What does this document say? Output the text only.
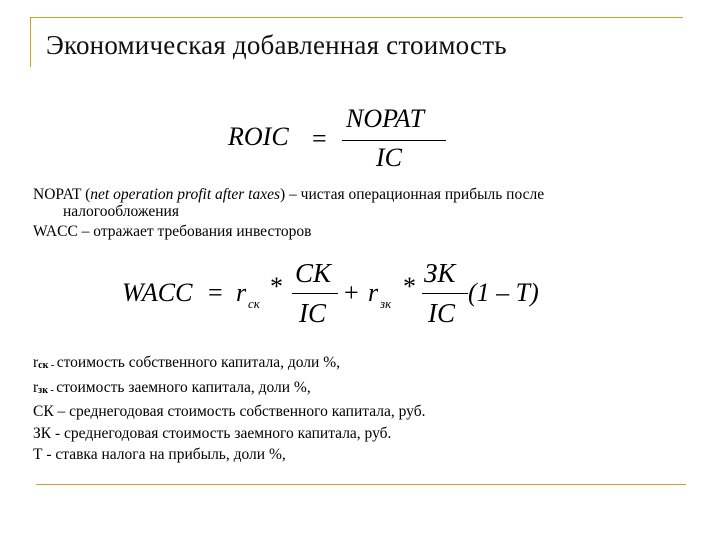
Экономическая добавленная стоимость
ROIC =
NOPAT
IC

NOPAT (net operation profit after taxes) – чистая операционная прибыль после

налогообложения

WACC – отражает требования инвесторов

WACC = r ск
* СК
IC
+ r зк
* ЗК
IC
(1 – T)

rск - стоимость собственного капитала, доли %,

rзк - стоимость заемного капитала, доли %,

СК – среднегодовая стоимость собственного капитала, руб.

ЗК - среднегодовая стоимость заемного капитала, руб.

Т - ставка налога на прибыль, доли %,
